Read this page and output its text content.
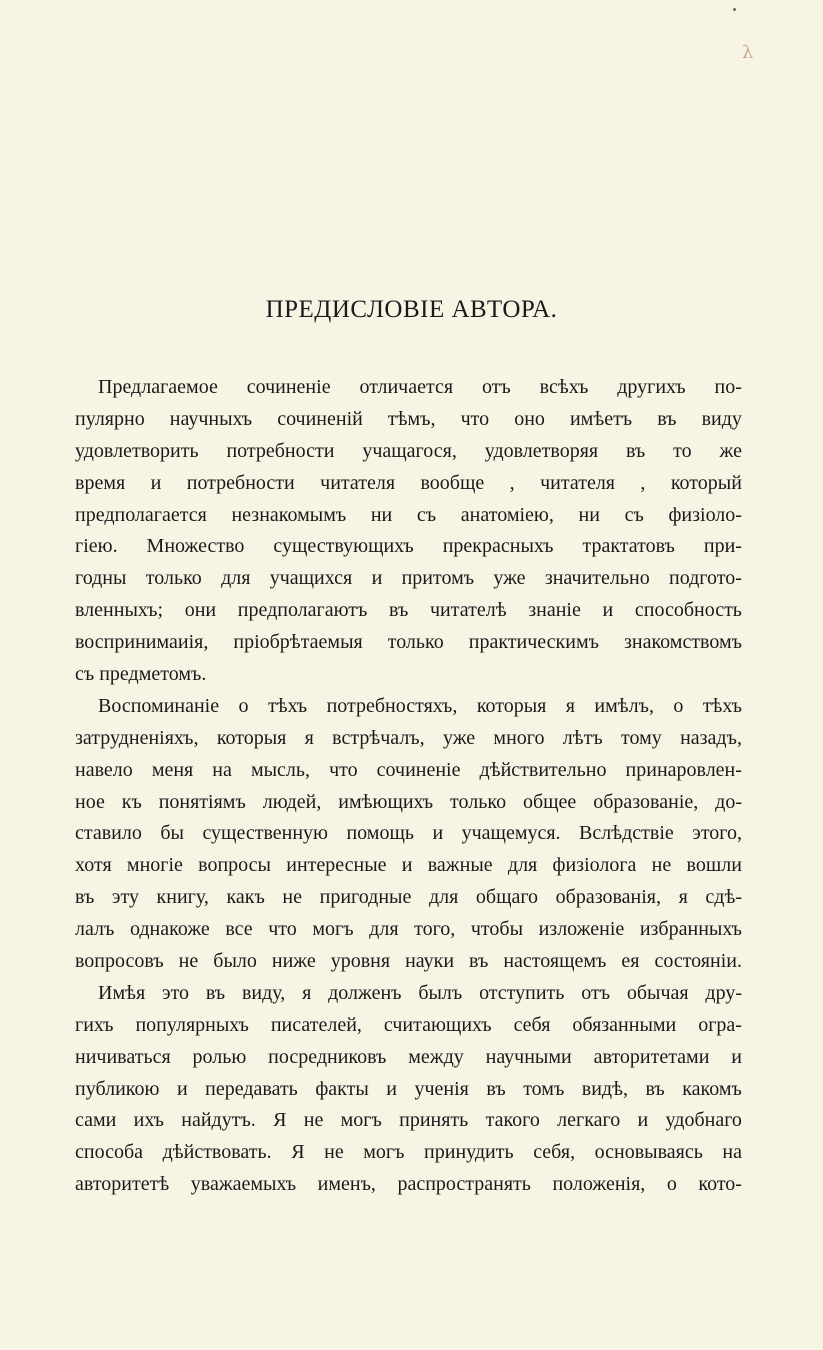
λ
ПРЕДИСЛОВІЕ АВТОРА.
Предлагаемое сочиненіе отличается отъ всѣхъ другихъ по-
пулярно научныхъ сочиненій тѣмъ, что оно имѣетъ въ виду
удовлетворить потребности учащагося, удовлетворяя въ то же
время и потребности читателя вообще , читателя , который
предполагается незнакомымъ ни съ анатоміею, ни съ физіоло-
гіею. Множество существующихъ прекрасныхъ трактатовъ при-
годны только для учащихся и притомъ уже значительно подгото-
вленныхъ; они предполагаютъ въ читателѣ знаніе и способность
воспринимаиія, пріобрѣтаемыя только практическимъ знакомствомъ
съ предметомъ.
Воспоминаніе о тѣхъ потребностяхъ, которыя я имѣлъ, о тѣхъ
затрудненіяхъ, которыя я встрѣчалъ, уже много лѣтъ тому назадъ,
навело меня на мысль, что сочиненіе дѣйствительно принаровлен-
ное къ понятіямъ людей, имѣющихъ только общее образованіе, до-
ставило бы существенную помощь и учащемуся. Вслѣдствіе этого,
хотя многіе вопросы интересные и важные для физіолога не вошли
въ эту книгу, какъ не пригодные для общаго образованія, я сдѣ-
лалъ однакоже все что могъ для того, чтобы изложеніе избранныхъ
вопросовъ не было ниже уровня науки въ настоящемъ ея состояніи.
Имѣя это въ виду, я долженъ былъ отступить отъ обычая дру-
гихъ популярныхъ писателей, считающихъ себя обязанными огра-
ничиваться ролью посредниковъ между научными авторитетами и
публикою и передавать факты и ученія въ томъ видѣ, въ какомъ
сами ихъ найдутъ. Я не могъ принять такого легкаго и удобнаго
способа дѣйствовать. Я не могъ принудить себя, основываясь на
авторитетѣ уважаемыхъ именъ, распространять положенія, о кото-
